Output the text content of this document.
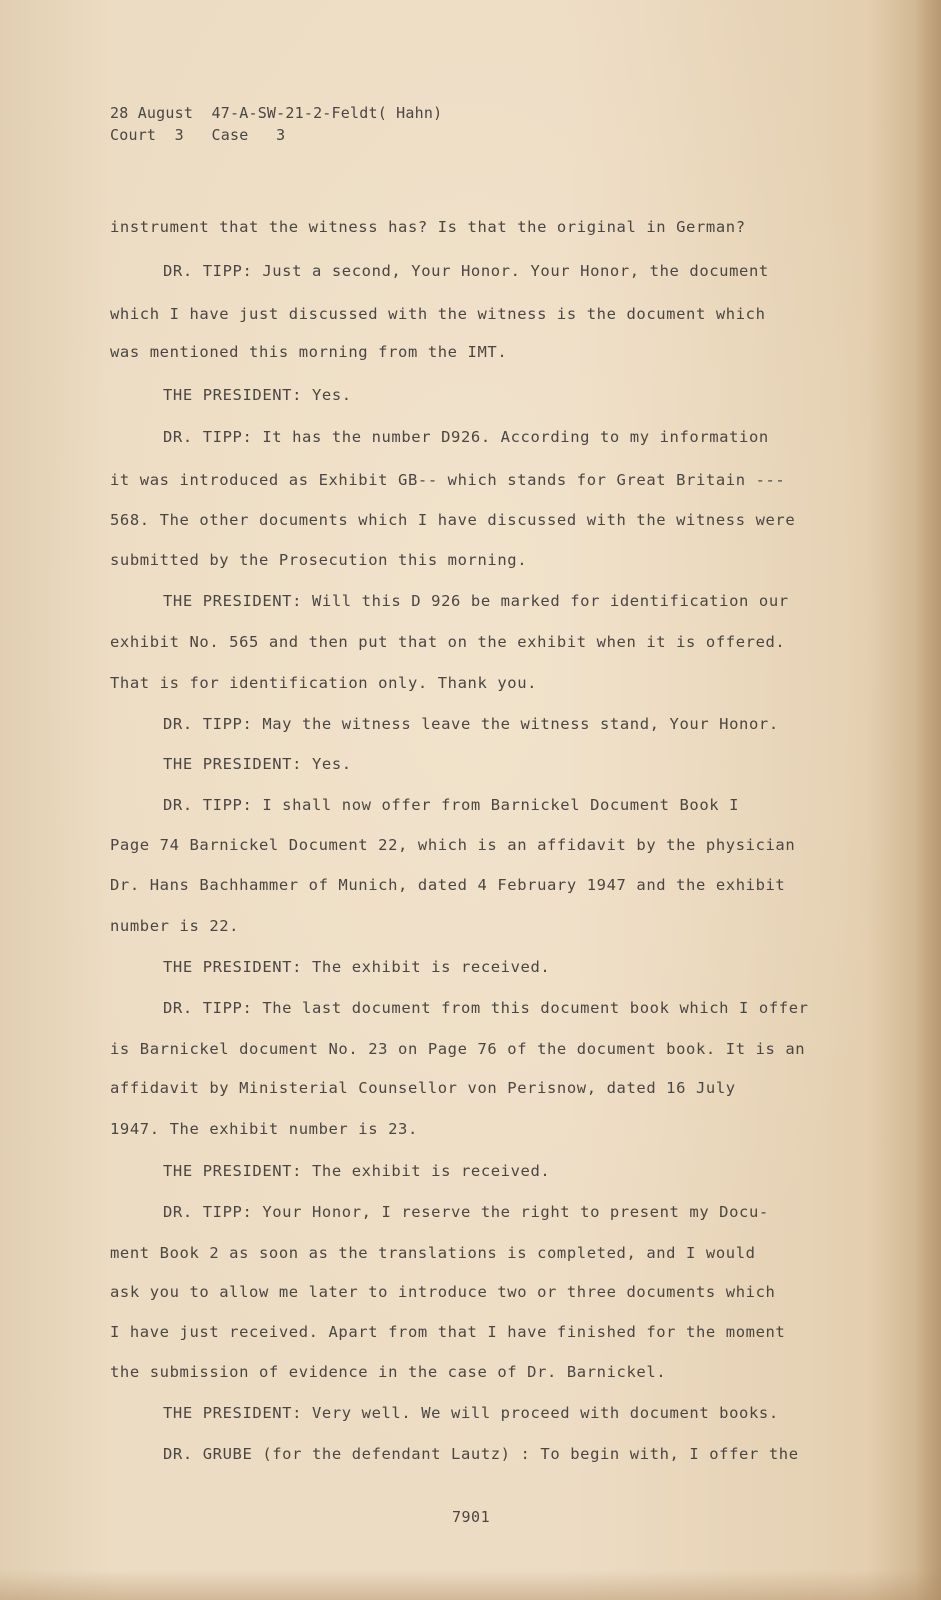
28 August  47-A-SW-21-2-Feldt( Hahn)
Court  3   Case   3
instrument that the witness has? Is that the original in German?
DR. TIPP: Just a second, Your Honor. Your Honor, the document
which I have just discussed with the witness is the document which
was mentioned this morning from the IMT.
THE PRESIDENT: Yes.
DR. TIPP: It has the number D926. According to my information
it was introduced as Exhibit GB-- which stands for Great Britain ---
568. The other documents which I have discussed with the witness were
submitted by the Prosecution this morning.
THE PRESIDENT: Will this D 926 be marked for identification our
exhibit No. 565 and then put that on the exhibit when it is offered.
That is for identification only. Thank you.
DR. TIPP: May the witness leave the witness stand, Your Honor.
THE PRESIDENT: Yes.
DR. TIPP: I shall now offer from Barnickel Document Book I
Page 74 Barnickel Document 22, which is an affidavit by the physician
Dr. Hans Bachhammer of Munich, dated 4 February 1947 and the exhibit
number is 22.
THE PRESIDENT: The exhibit is received.
DR. TIPP: The last document from this document book which I offer
is Barnickel document No. 23 on Page 76 of the document book. It is an
affidavit by Ministerial Counsellor von Perisnow, dated 16 July
1947. The exhibit number is 23.
THE PRESIDENT: The exhibit is received.
DR. TIPP: Your Honor, I reserve the right to present my Docu-
ment Book 2 as soon as the translations is completed, and I would
ask you to allow me later to introduce two or three documents which
I have just received. Apart from that I have finished for the moment
the submission of evidence in the case of Dr. Barnickel.
THE PRESIDENT: Very well. We will proceed with document books.
DR. GRUBE (for the defendant Lautz) : To begin with, I offer the
7901
